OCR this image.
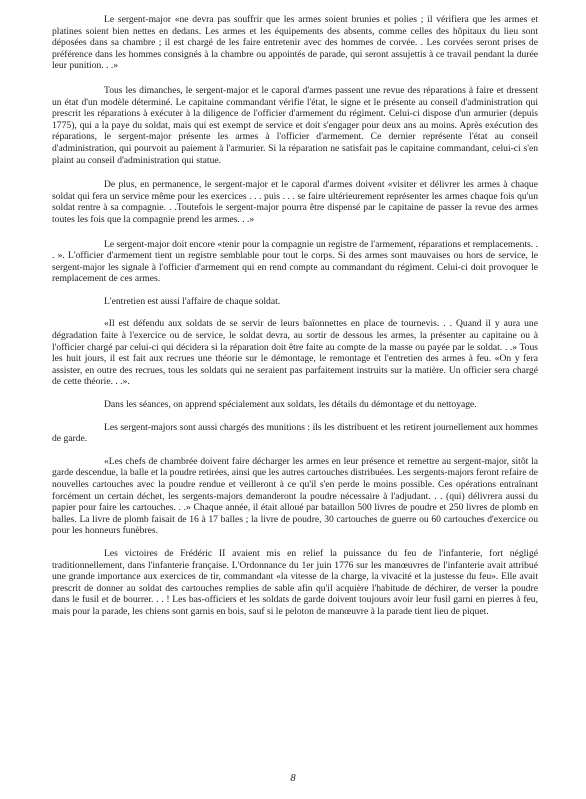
Le sergent-major «ne devra pas souffrir que les armes soient brunies et polies ; il vérifiera que les armes et platines soient bien nettes en dedans. Les armes et les équipements des absents, comme celles des hôpitaux du lieu sont déposées dans sa chambre ; il est chargé de les faire entretenir avec des hommes de corvée. . Les corvées seront prises de préférence dans les hommes consignés à la chambre ou appointés de parade, qui seront assujettis à ce travail pendant la durée leur punition. . .»

Tous les dimanches, le sergent-major et le caporal d'armes passent une revue des réparations à faire et dressent un état d'un modèle déterminé. Le capitaine commandant vérifie l'état, le signe et le présente au conseil d'administration qui prescrit les réparations à exécuter à la diligence de l'officier d'armement du régiment. Celui-ci dispose d'un armurier (depuis 1775), qui a la paye du soldat, mais qui est exempt de service et doit s'engager pour deux ans au moins. Après exécution des réparations, le sergent-major présente les armes à l'officier d'armement. Ce dernier représente l'état au conseil d'administration, qui pourvoit au paiement à l'armurier. Si la réparation ne satisfait pas le capitaine commandant, celui-ci s'en plaint au conseil d'administration qui statue.

De plus, en permanence, le sergent-major et le caporal d'armes doivent «visiter et délivrer les armes à chaque soldat qui fera un service même pour les exercices . . . puis . . . se faire ultérieurement représenter les armes chaque fois qu'un soldat rentre à sa compagnie. . .Toutefois le sergent-major pourra être dispensé par le capitaine de passer la revue des armes toutes les fois que la compagnie prend les armes. . .»

Le sergent-major doit encore «tenir pour la compagnie un registre de l'armement, réparations et remplacements. . . ». L'officier d'armement tient un registre semblable pour tout le corps. Si des armes sont mauvaises ou hors de service, le sergent-major les signale à l'officier d'armement qui en rend compte au commandant du régiment. Celui-ci doit provoquer le remplacement de ces armes.

L'entretien est aussi l'affaire de chaque soldat.

«Il est défendu aux soldats de se servir de leurs baïonnettes en place de tournevis. . . Quand il y aura une dégradation faite à l'exercice ou de service, le soldat devra, au sortir de dessous les armes, la présenter au capitaine ou à l'officier chargé par celui-ci qui décidera si la réparation doit être faite au compte de la masse ou payée par le soldat. . .» Tous les huit jours, il est fait aux recrues une théorie sur le démontage, le remontage et l'entretien des armes à feu. «On y fera assister, en outre des recrues, tous les soldats qui ne seraient pas parfaitement instruits sur la matière. Un officier sera chargé de cette théorie. . .».

Dans les séances, on apprend spécialement aux soldats, les détails du démontage et du nettoyage.

Les sergent-majors sont aussi chargés des munitions : ils les distribuent et les retirent journellement aux hommes de garde.

«Les chefs de chambrée doivent faire décharger les armes en leur présence et remettre au sergent-major, sitôt la garde descendue, la balle et la poudre retirées, ainsi que les autres cartouches distribuées. Les sergents-majors feront refaire de nouvelles cartouches avec la poudre rendue et veilleront à ce qu'il s'en perde le moins possible. Ces opérations entraînant forcément un certain déchet, les sergents-majors demanderont la poudre nécessaire à l'adjudant. . . (qui) délivrera aussi du papier pour faire les cartouches. . .» Chaque année, il était alloué par bataillon 500 livres de poudre et 250 livres de plomb en balles. La livre de plomb faisait de 16 à 17 balles ; la livre de poudre, 30 cartouches de guerre ou 60 cartouches d'exercice ou pour les honneurs funèbres.

Les victoires de Frédéric II avaient mis en relief la puissance du feu de l'infanterie, fort négligé traditionnellement, dans l'infanterie française. L'Ordonnance du 1er juin 1776 sur les manœuvres de l'infanterie avait attribué une grande importance aux exercices de tir, commandant «la vitesse de la charge, la vivacité et la justesse du feu». Elle avait prescrit de donner au soldat des cartouches remplies de sable afin qu'il acquière l'habitude de déchirer, de verser la poudre dans le fusil et de bourrer. . . ! Les bas-officiers et les soldats de garde doivent toujours avoir leur fusil garni en pierres à feu, mais pour la parade, les chiens sont garnis en bois, sauf si le peloton de manœuvre à la parade tient lieu de piquet.

8
